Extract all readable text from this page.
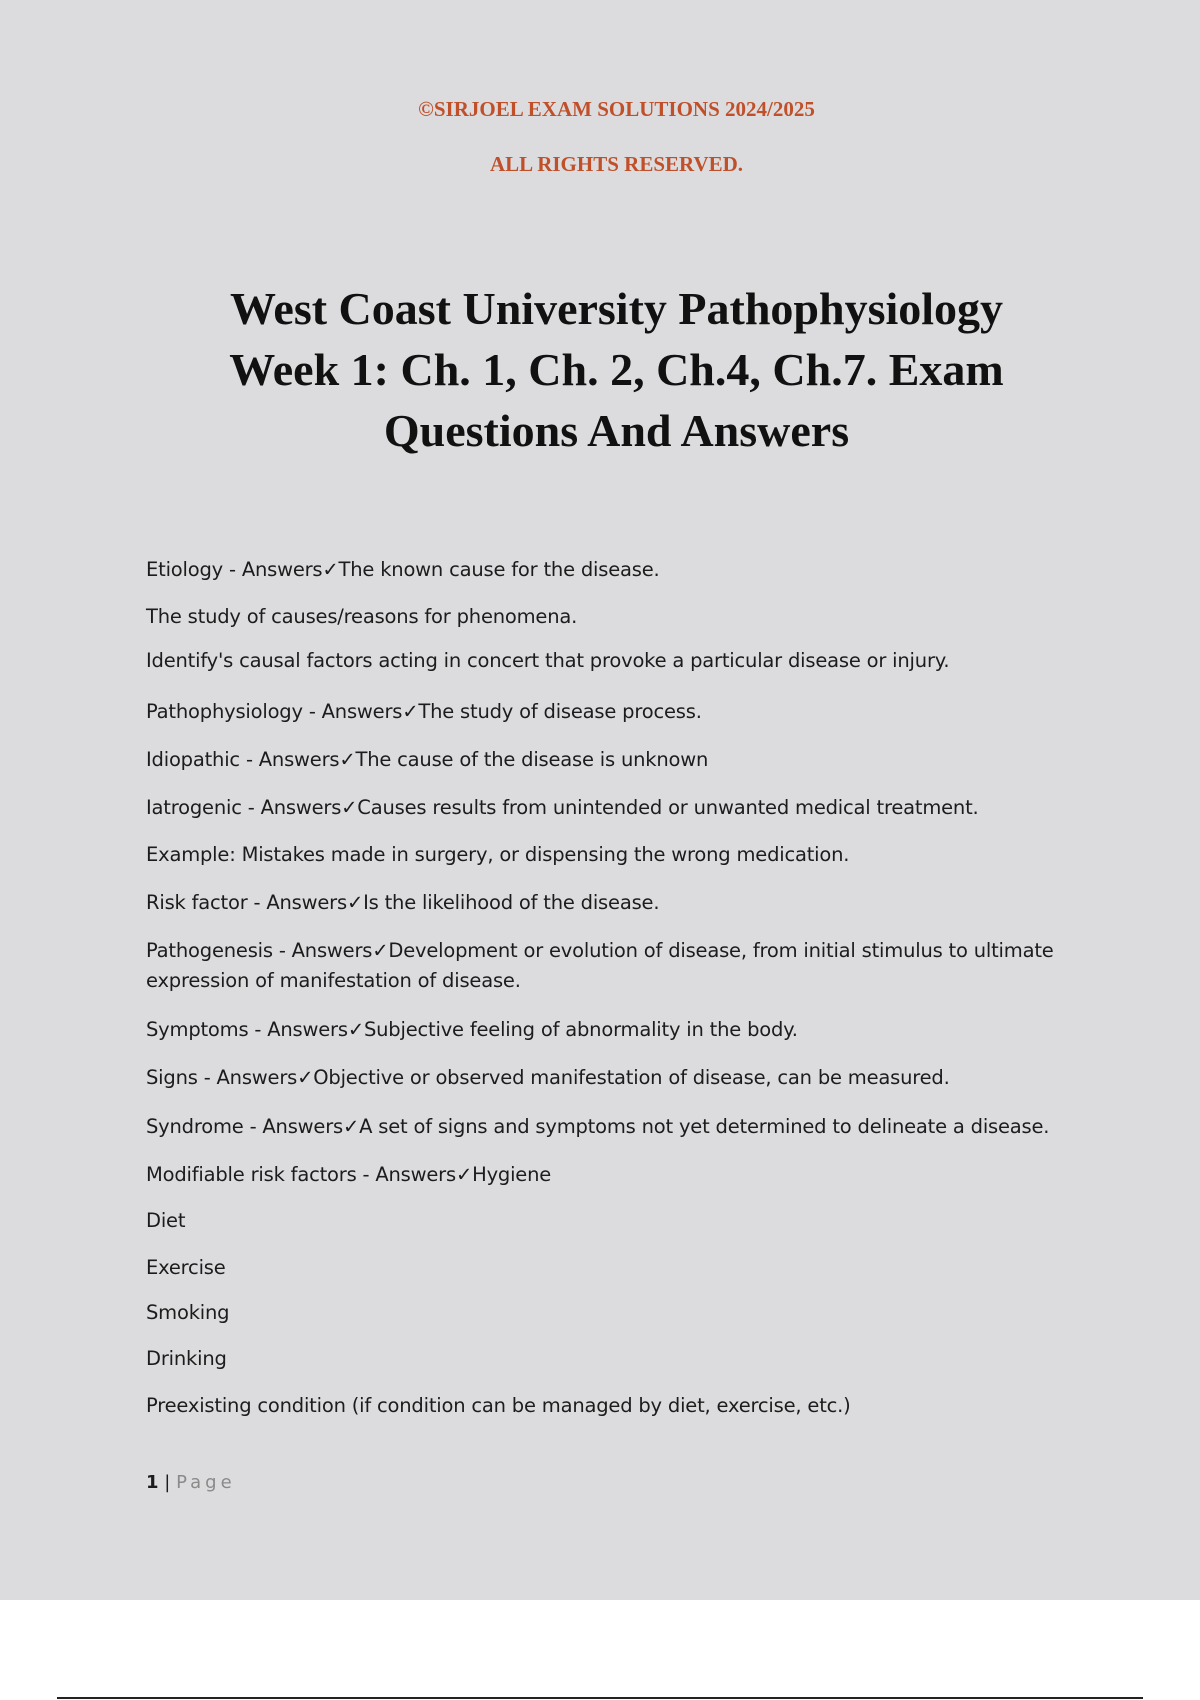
©SIRJOEL EXAM SOLUTIONS 2024/2025
ALL RIGHTS RESERVED.
West Coast University Pathophysiology
Week 1: Ch. 1, Ch. 2, Ch.4, Ch.7. Exam
Questions And Answers
Etiology - Answers✓The known cause for the disease.
The study of causes/reasons for phenomena.
Identify's causal factors acting in concert that provoke a particular disease or injury.
Pathophysiology - Answers✓The study of disease process.
Idiopathic - Answers✓The cause of the disease is unknown
Iatrogenic - Answers✓Causes results from unintended or unwanted medical treatment.
Example: Mistakes made in surgery, or dispensing the wrong medication.
Risk factor - Answers✓Is the likelihood of the disease.
Pathogenesis - Answers✓Development or evolution of disease, from initial stimulus to ultimate expression of manifestation of disease.
Symptoms - Answers✓Subjective feeling of abnormality in the body.
Signs - Answers✓Objective or observed manifestation of disease, can be measured.
Syndrome - Answers✓A set of signs and symptoms not yet determined to delineate a disease.
Modifiable risk factors - Answers✓Hygiene
Diet
Exercise
Smoking
Drinking
Preexisting condition (if condition can be managed by diet, exercise, etc.)
1 | Page
